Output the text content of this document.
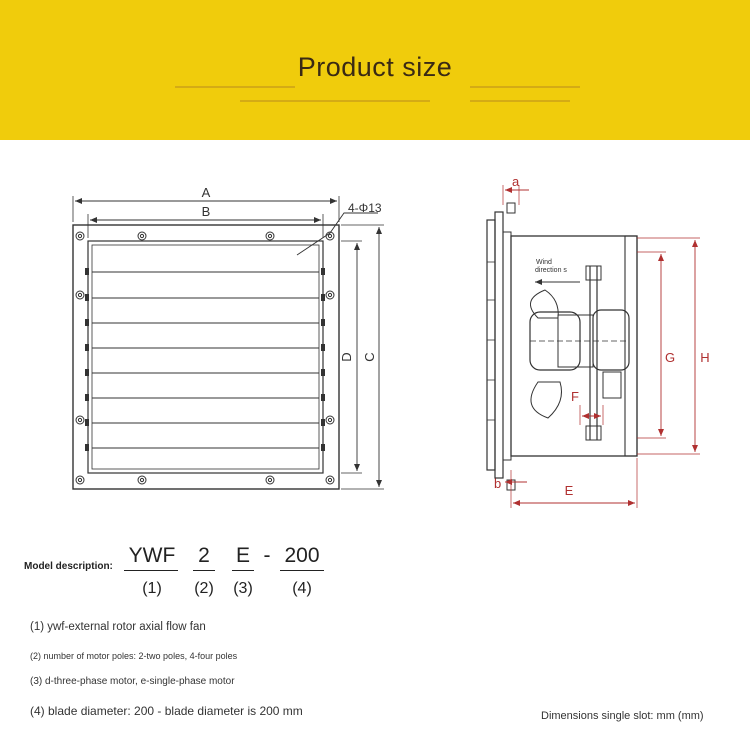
Product size
A
B	4-Φ13
D C
a
b	E
F
G H
Wind
direction s
Model description: YWF 2 E - 200
(1)	(2)	(3)	(4)
(1) ywf-external rotor axial flow fan
(2) number of motor poles: 2-two poles, 4-four poles
(3) d-three-phase motor, e-single-phase motor
(4) blade diameter: 200 - blade diameter is 200 mm	Dimensions single slot: mm (mm)
